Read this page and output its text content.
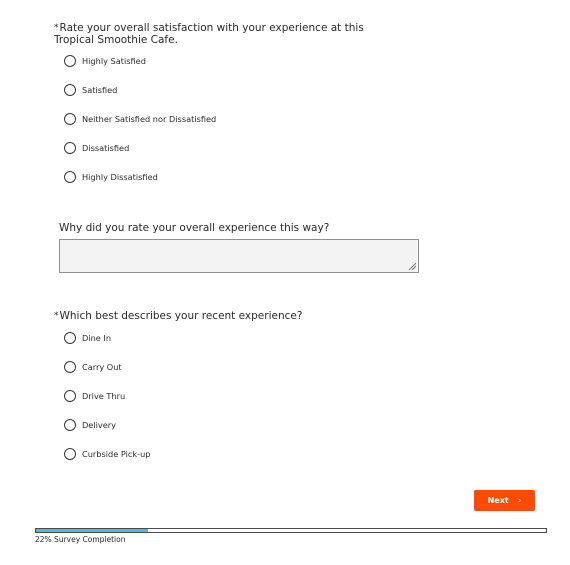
*Rate your overall satisfaction with your experience at this Tropical Smoothie Cafe.
Highly Satisfied
Satisfied
Neither Satisfied nor Dissatisfied
Dissatisfied
Highly Dissatisfied
Why did you rate your overall experience this way?
*Which best describes your recent experience?
Dine In
Carry Out
Drive Thru
Delivery
Curbside Pick-up
Next ›
22% Survey Completion
